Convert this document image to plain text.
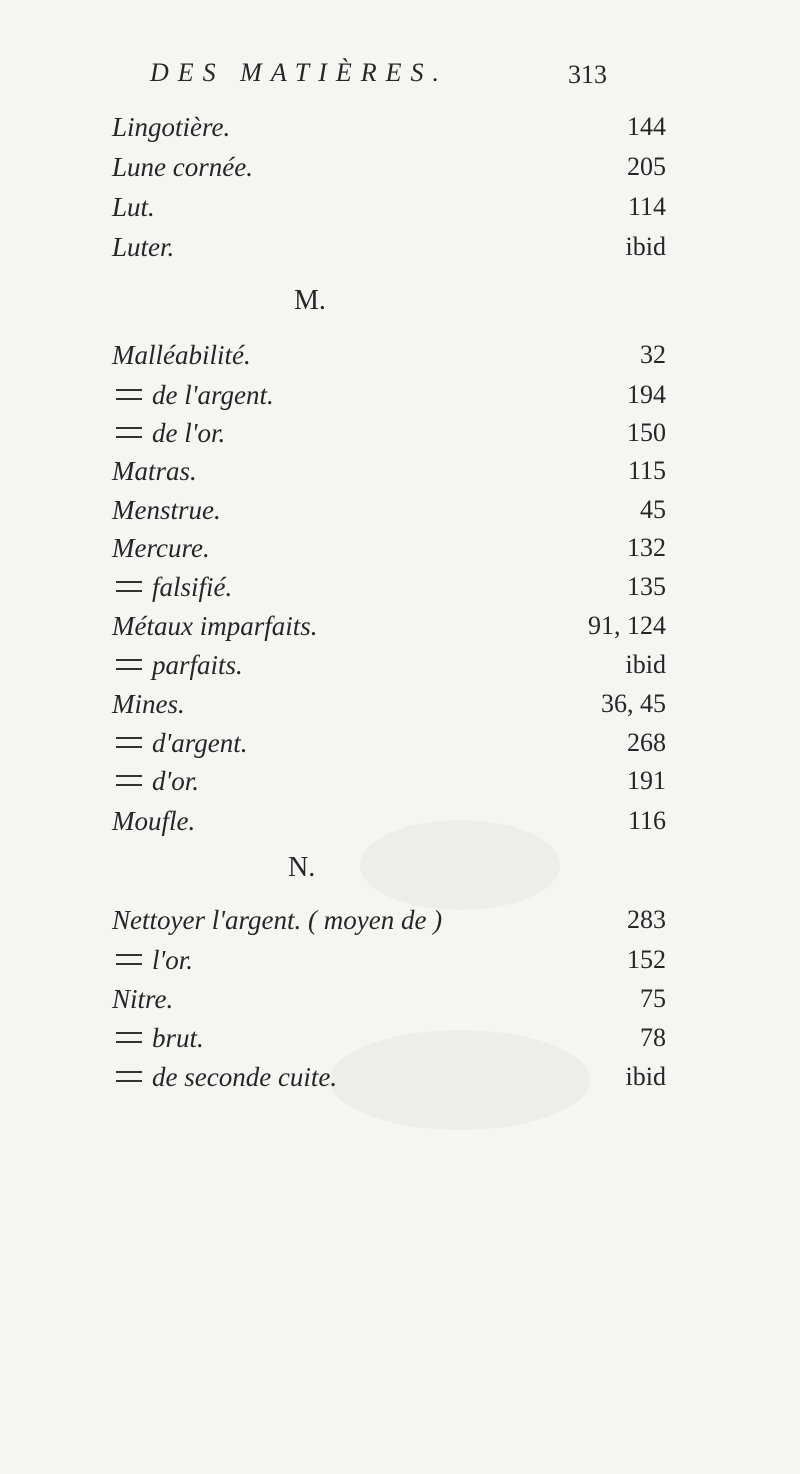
DES MATIÈRES.	313
Lingotière.	144
Lune cornée.	205
Lut.	114
Luter.	ibid
M.
Malléabilité.	32
de l'argent.	194
de l'or.	150
Matras.	115
Menstrue.	45
Mercure.	132
falsifié.	135
Métaux imparfaits.	91, 124
parfaits.	ibid
Mines.	36, 45
d'argent.	268
d'or.	191
Moufle.	116
N.
Nettoyer l'argent. ( moyen de )	283
l'or.	152
Nitre.	75
brut.	78
de seconde cuite.	ibid
